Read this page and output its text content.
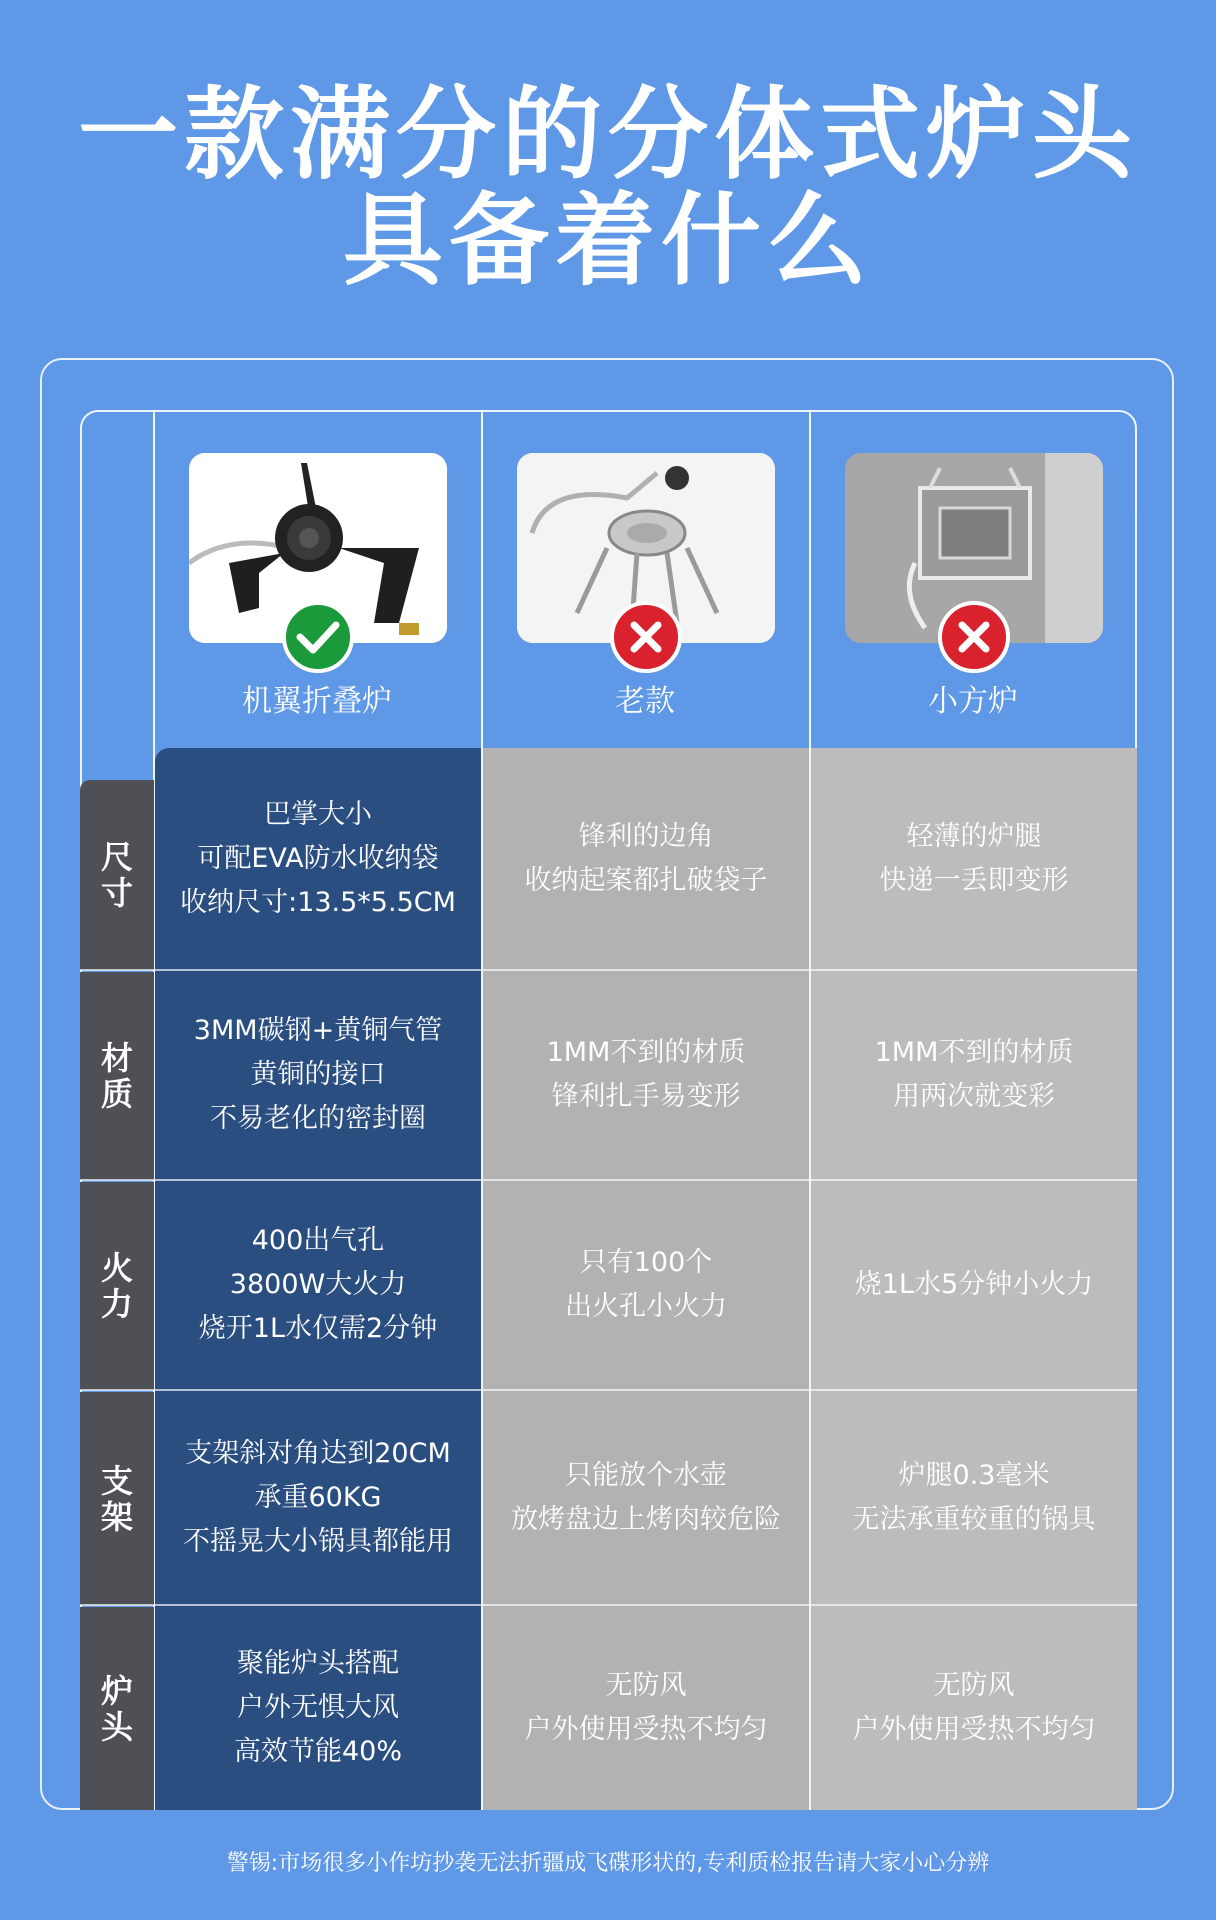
一款满分的分体式炉头
具备着什么
机翼折叠炉	老款	小方炉
尺寸
巴掌大小
可配EVA防水收纳袋
收纳尺寸:13.5*5.5CM
锋利的边角
收纳起案都扎破袋子
轻薄的炉腿
快递一丢即变形
材质
3MM碳钢+黄铜气管
黄铜的接口
不易老化的密封圈
1MM不到的材质
锋利扎手易变形
1MM不到的材质
用两次就变彩
火力
400出气孔
3800W大火力
烧开1L水仅需2分钟
只有100个
出火孔小火力
烧1L水5分钟小火力
支架
支架斜对角达到20CM
承重60KG
不摇晃大小锅具都能用
只能放个水壶
放烤盘边上烤肉较危险
炉腿0.3毫米
无法承重较重的锅具
炉头
聚能炉头搭配
户外无惧大风
高效节能40%
无防风
户外使用受热不均匀
无防风
户外使用受热不均匀
警锡:市场很多小作坊抄袭无法折疆成飞碟形状的,专利质检报告请大家小心分辨
